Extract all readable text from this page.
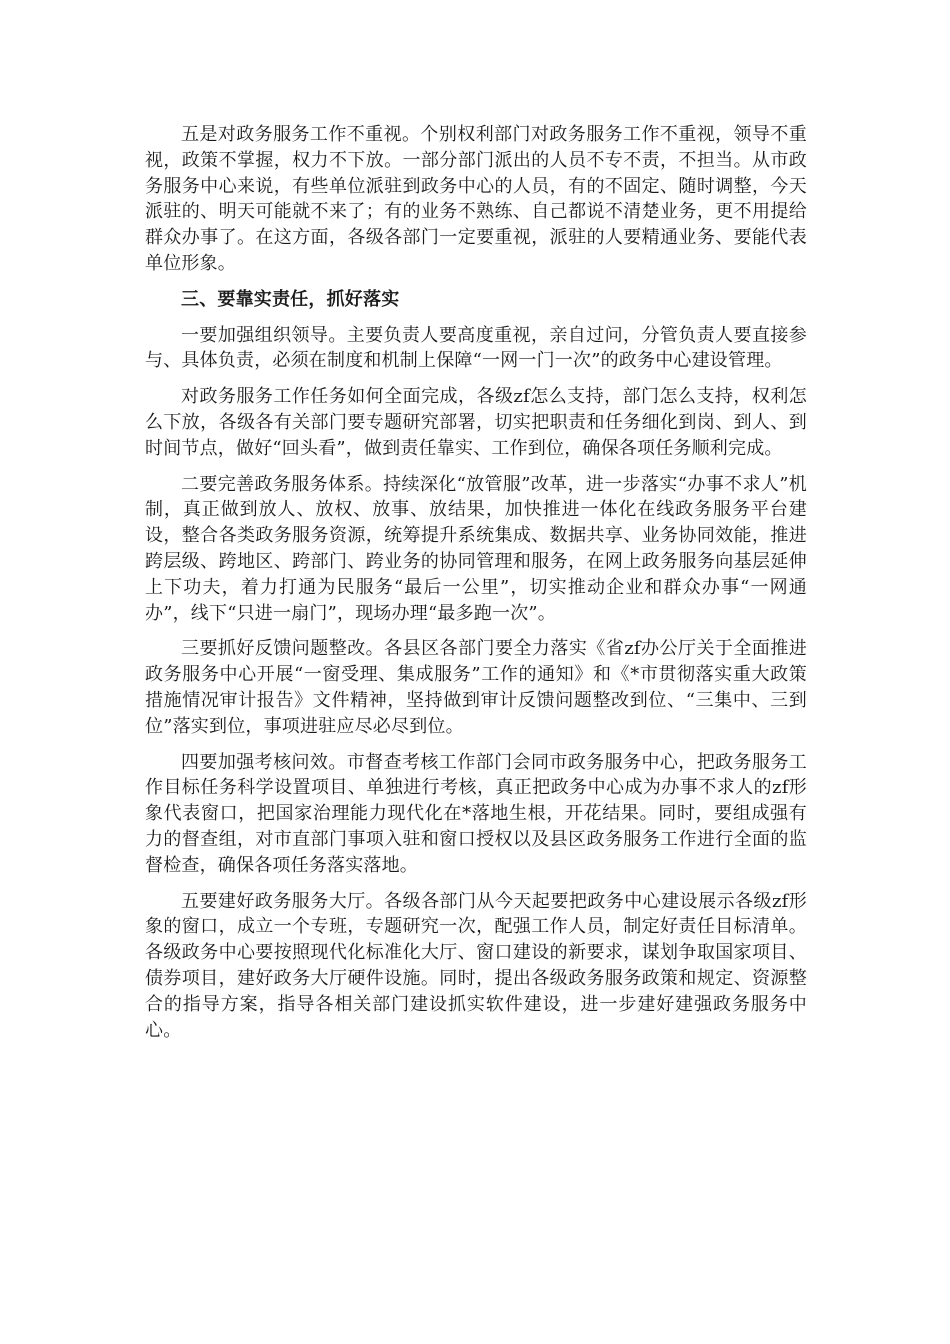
五是对政务服务工作不重视。个别权利部门对政务服务工作不重视，领导不重视，政策不掌握，权力不下放。一部分部门派出的人员不专不责，不担当。从市政务服务中心来说，有些单位派驻到政务中心的人员，有的不固定、随时调整，今天派驻的、明天可能就不来了；有的业务不熟练、自己都说不清楚业务，更不用提给群众办事了。在这方面，各级各部门一定要重视，派驻的人要精通业务、要能代表单位形象。

三、要靠实责任，抓好落实

一要加强组织领导。主要负责人要高度重视，亲自过问，分管负责人要直接参与、具体负责，必须在制度和机制上保障“一网一门一次”的政务中心建设管理。

对政务服务工作任务如何全面完成，各级zf怎么支持，部门怎么支持，权利怎么下放，各级各有关部门要专题研究部署，切实把职责和任务细化到岗、到人、到时间节点，做好“回头看”，做到责任靠实、工作到位，确保各项任务顺利完成。

二要完善政务服务体系。持续深化“放管服”改革，进一步落实“办事不求人”机制，真正做到放人、放权、放事、放结果，加快推进一体化在线政务服务平台建设，整合各类政务服务资源，统筹提升系统集成、数据共享、业务协同效能，推进跨层级、跨地区、跨部门、跨业务的协同管理和服务，在网上政务服务向基层延伸上下功夫，着力打通为民服务“最后一公里”，切实推动企业和群众办事“一网通办”，线下“只进一扇门”，现场办理“最多跑一次”。

三要抓好反馈问题整改。各县区各部门要全力落实《省zf办公厅关于全面推进政务服务中心开展“一窗受理、集成服务”工作的通知》和《*市贯彻落实重大政策措施情况审计报告》文件精神，坚持做到审计反馈问题整改到位、“三集中、三到位”落实到位，事项进驻应尽必尽到位。

四要加强考核问效。市督查考核工作部门会同市政务服务中心，把政务服务工作目标任务科学设置项目、单独进行考核，真正把政务中心成为办事不求人的zf形象代表窗口，把国家治理能力现代化在*落地生根，开花结果。同时，要组成强有力的督查组，对市直部门事项入驻和窗口授权以及县区政务服务工作进行全面的监督检查，确保各项任务落实落地。

五要建好政务服务大厅。各级各部门从今天起要把政务中心建设展示各级zf形象的窗口，成立一个专班，专题研究一次，配强工作人员，制定好责任目标清单。各级政务中心要按照现代化标准化大厅、窗口建设的新要求，谋划争取国家项目、债券项目，建好政务大厅硬件设施。同时，提出各级政务服务政策和规定、资源整合的指导方案，指导各相关部门建设抓实软件建设，进一步建好建强政务服务中心。
